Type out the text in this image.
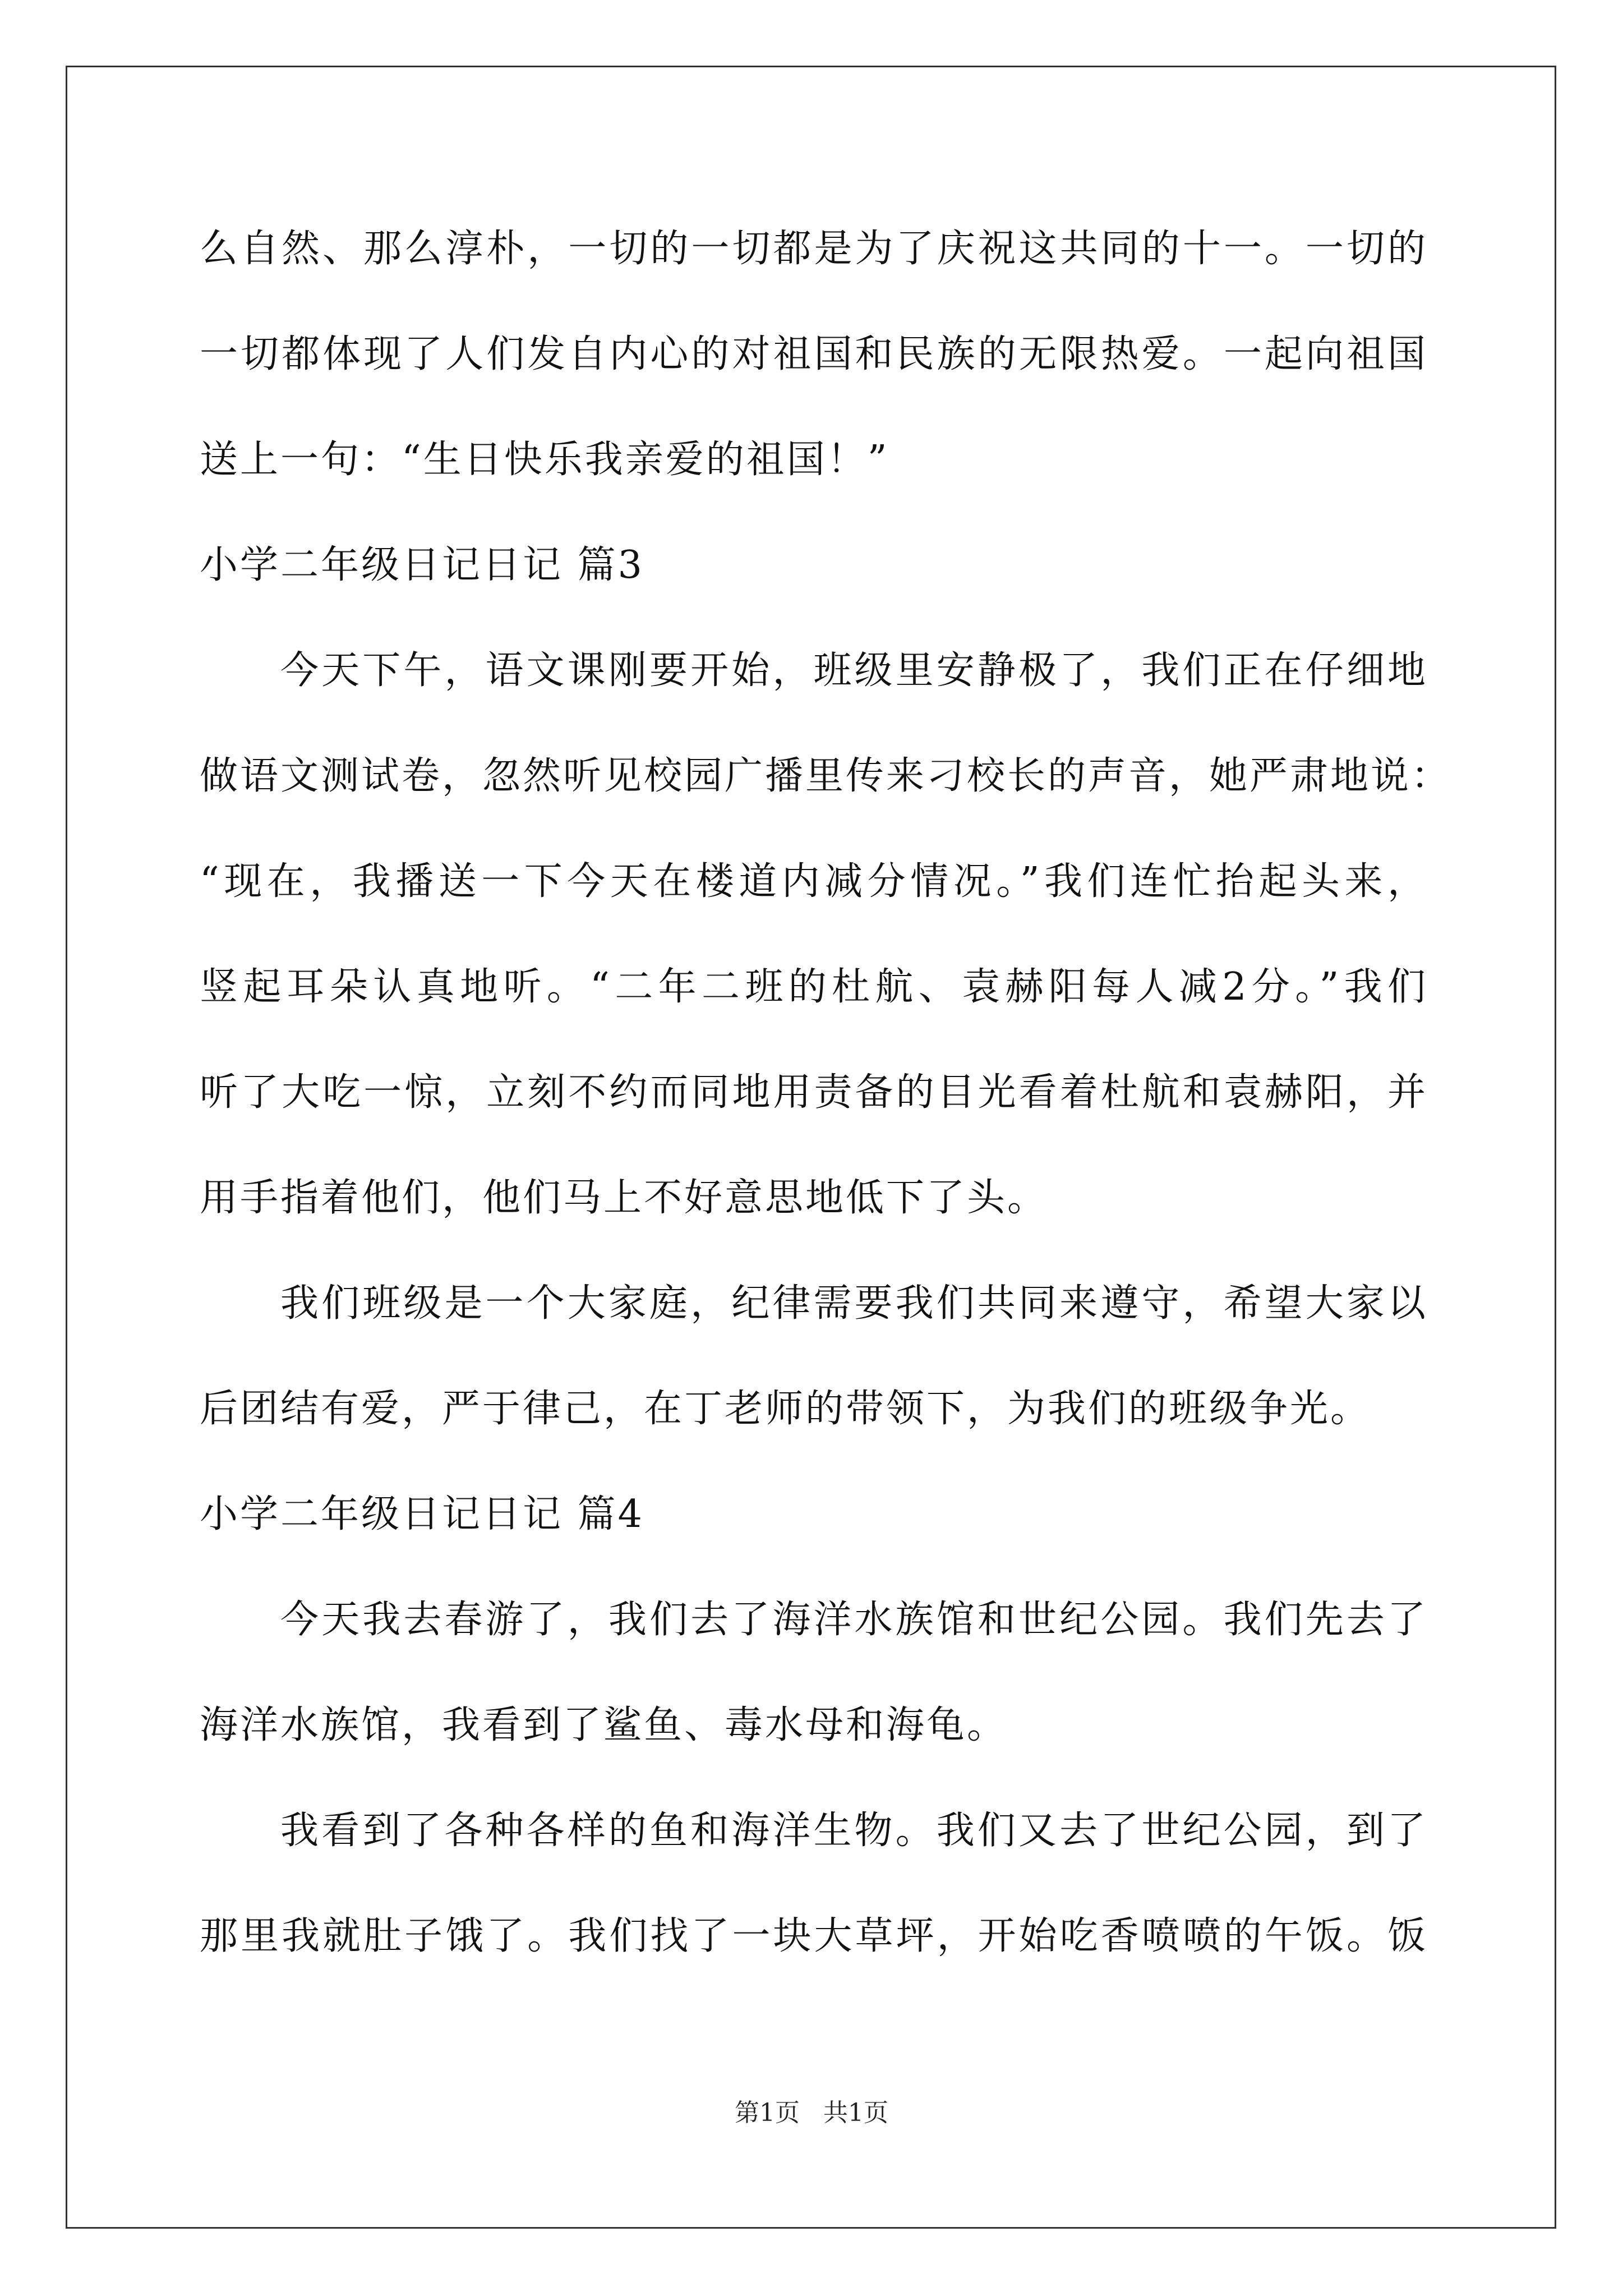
么自然、那么淳朴，一切的一切都是为了庆祝这共同的十一。一切的
一切都体现了人们发自内心的对祖国和民族的无限热爱。一起向祖国
送上一句：“生日快乐我亲爱的祖国！”
小学二年级日记日记 篇3
今天下午，语文课刚要开始，班级里安静极了，我们正在仔细地
做语文测试卷，忽然听见校园广播里传来刁校长的声音，她严肃地说：
“现在，我播送一下今天在楼道内减分情况。”我们连忙抬起头来，
竖起耳朵认真地听。“二年二班的杜航、袁赫阳每人减2分。”我们
听了大吃一惊，立刻不约而同地用责备的目光看着杜航和袁赫阳，并
用手指着他们，他们马上不好意思地低下了头。
我们班级是一个大家庭，纪律需要我们共同来遵守，希望大家以
后团结有爱，严于律己，在丁老师的带领下，为我们的班级争光。
小学二年级日记日记 篇4
今天我去春游了，我们去了海洋水族馆和世纪公园。我们先去了
海洋水族馆，我看到了鲨鱼、毒水母和海龟。
我看到了各种各样的鱼和海洋生物。我们又去了世纪公园，到了
那里我就肚子饿了。我们找了一块大草坪，开始吃香喷喷的午饭。饭
第1页   共1页
